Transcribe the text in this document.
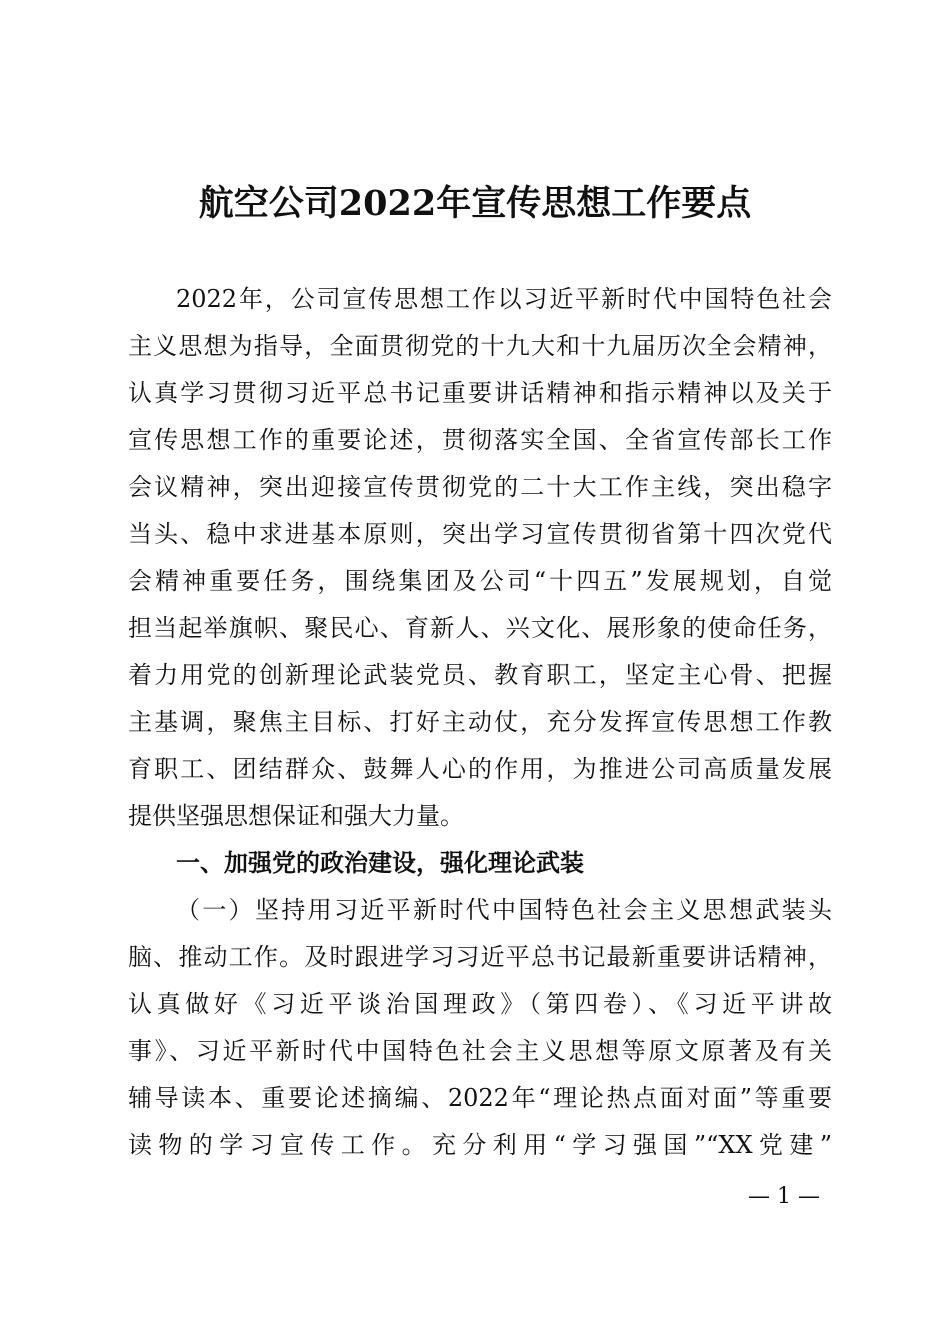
航空公司2022年宣传思想工作要点

2022年，公司宣传思想工作以习近平新时代中国特色社会

主义思想为指导，全面贯彻党的十九大和十九届历次全会精神，

认真学习贯彻习近平总书记重要讲话精神和指示精神以及关于

宣传思想工作的重要论述，贯彻落实全国、全省宣传部长工作

会议精神，突出迎接宣传贯彻党的二十大工作主线，突出稳字

当头、稳中求进基本原则，突出学习宣传贯彻省第十四次党代

会精神重要任务，围绕集团及公司“十四五”发展规划，自觉

担当起举旗帜、聚民心、育新人、兴文化、展形象的使命任务，

着力用党的创新理论武装党员、教育职工，坚定主心骨、把握

主基调，聚焦主目标、打好主动仗，充分发挥宣传思想工作教

育职工、团结群众、鼓舞人心的作用，为推进公司高质量发展

提供坚强思想保证和强大力量。

一、加强党的政治建设，强化理论武装

（一）坚持用习近平新时代中国特色社会主义思想武装头

脑、推动工作。及时跟进学习习近平总书记最新重要讲话精神，

认真做好《习近平谈治国理政》（第四卷）、《习近平讲故

事》、习近平新时代中国特色社会主义思想等原文原著及有关

辅导读本、重要论述摘编、2022年“理论热点面对面”等重要

读物的学习宣传工作。充分利用“学习强国”“XX党建”

— 1 —
